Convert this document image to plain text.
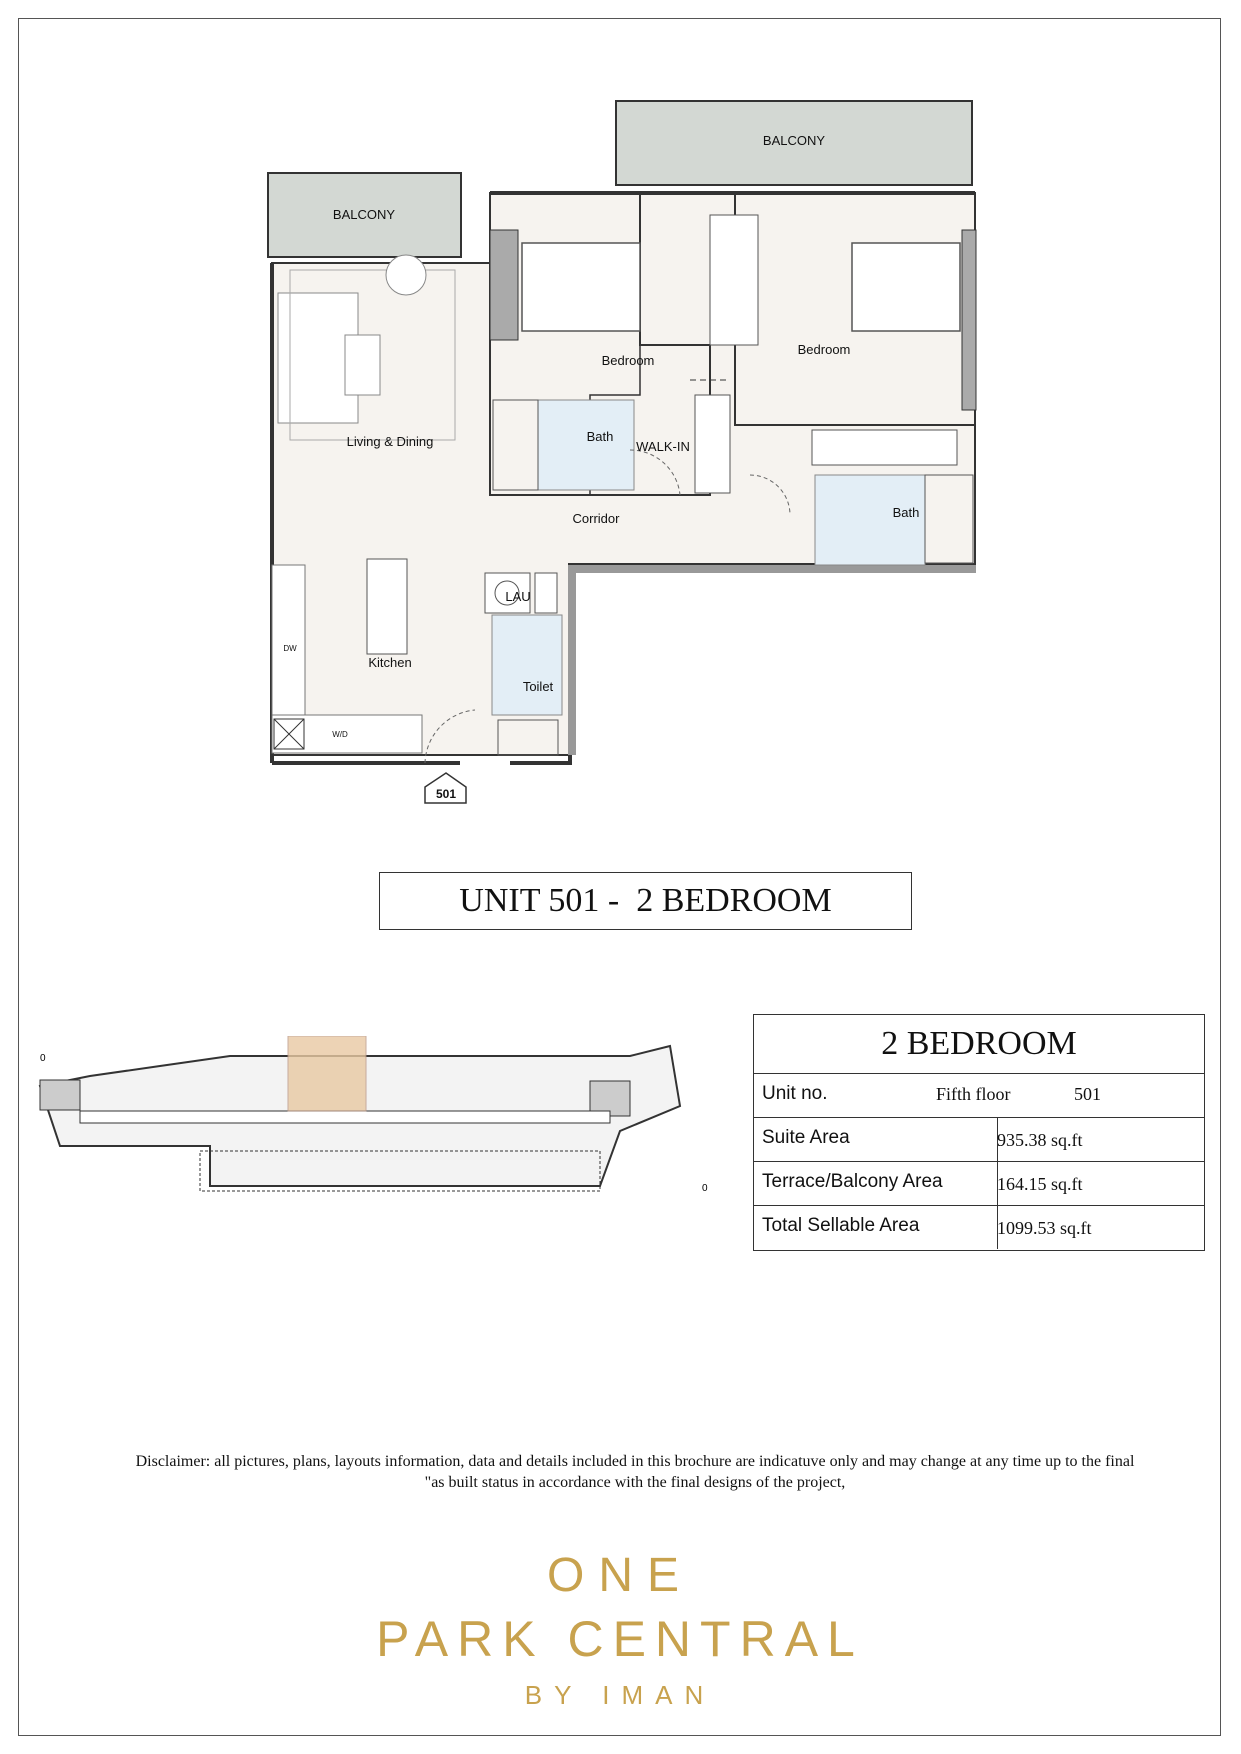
BALCONY
BALCONY
Bedroom
Bedroom
Living & Dining	Bath
WALK-IN
Bath
Corridor
LAU
Kitchen
Toilet
DW
W/D
501
UNIT 501 -  2 BEDROOM
0
0
2 BEDROOM
Unit no.	Fifth floor	501
Suite Area	935.38 sq.ft
Terrace/Balcony Area	164.15 sq.ft
Total Sellable Area	1099.53 sq.ft
Disclaimer: all pictures, plans, layouts information, data and details included in this brochure are indicatuve only and may change at any time up to the final
"as built status in accordance with the final designs of the project,
ONE
PARK CENTRAL
BY IMAN
